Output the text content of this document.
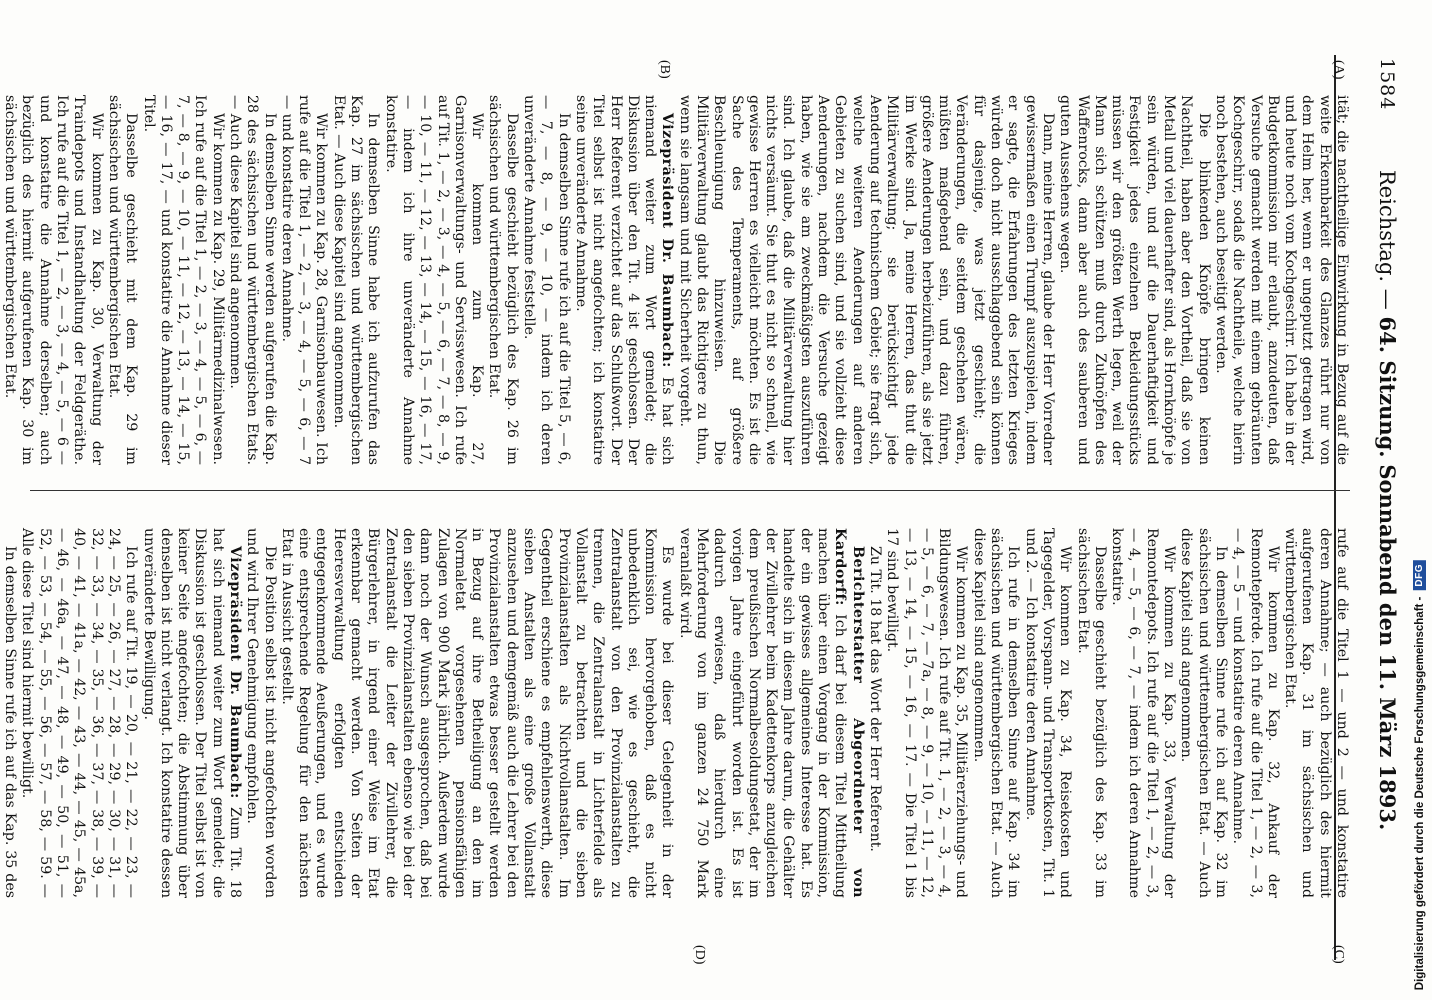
Digitalisierung gefördert durch die Deutsche Forschungsgemeinschaft -
DFG
1584
Reichstag. — 64. Sitzung. Sonnabend den 11. März 1893.
(A)
(B)
(C)
(D)

ität; die nachtheilige Einwirkung in Bezug auf die weite Erkennbarkeit des Glanzes rührt nur von dem Helm her, wenn er ungeputzt getragen wird, und heute noch vom Kochgeschirr. Ich habe in der Budgetkommission mir erlaubt, anzudeuten, daß Versuche gemacht werden mit einem gebräunten Kochgeschirr, sodaß die Nachtheile, welche hierin noch bestehen, auch beseitigt werden.

Die blinkenden Knöpfe bringen keinen Nachtheil, haben aber den Vortheil, daß sie von Metall und viel dauerhafter sind, als Hornknöpfe je sein würden, und auf die Dauerhaftigkeit und Festigkeit jedes einzelnen Bekleidungsstücks müssen wir den größten Werth legen, weil der Mann sich schützen muß durch Zuknöpfen des Waffenrocks, dann aber auch des sauberen und guten Aussehens wegen.

Dann, meine Herren, glaube der Herr Vorredner gewissermaßen einen Trumpf auszuspielen, indem er sagte, die Erfahrungen des letzten Krieges würden doch nicht ausschlaggebend sein können für dasjenige, was jetzt geschieht; die Veränderungen, die seitdem geschehen wären, müßten maßgebend sein, und dazu führen, größere Aenderungen herbeizuführen, als sie jetzt im Werke sind. Ja, meine Herren, das thut die Militärverwaltung; sie berücksichtigt jede Aenderung auf technischem Gebiet; sie fragt sich, welche weiteren Aenderungen auf anderen Gebieten zu suchen sind, und sie vollzieht diese Aenderungen, nachdem die Versuche gezeigt haben, wie sie am zweckmäßigsten auszuführen sind. Ich glaube, daß die Militärverwaltung hier nichts versäumt. Sie thut es nicht so schnell, wie gewisse Herren es vielleicht möchten. Es ist die Sache des Temperaments, auf größere Beschleunigung hinzuweisen. Die Militärverwaltung glaubt das Richtigere zu thun, wenn sie langsam und mit Sicherheit vorgeht.

Vizepräsident Dr. Baumbach: Es hat sich niemand weiter zum Wort gemeldet; die Diskussion über den Tit. 4 ist geschlossen. Der Herr Referent verzichtet auf das Schlußwort. Der Titel selbst ist nicht angefochten; ich konstatire seine unveränderte Annahme.

In demselben Sinne rufe ich auf die Titel 5, — 6, — 7, — 8, — 9, — 10, — indem ich deren unveränderte Annahme feststelle.

Dasselbe geschieht bezüglich des Kap. 26 im sächsischen und württembergischen Etat.

Wir kommen zum Kap. 27, Garnisonverwaltungs- und Servisswesen. Ich rufe auf Tit. 1, — 2, — 3, — 4, — 5, — 6, — 7, — 8, — 9, — 10, — 11, — 12, — 13, — 14, — 15, — 16, — 17, — indem ich ihre unveränderte Annahme konstatire.

In demselben Sinne habe ich aufzurufen das Kap. 27 im sächsischen und württembergischen Etat. — Auch diese Kapitel sind angenommen.

Wir kommen zu Kap. 28, Garnisonbauwesen. Ich rufe auf die Titel 1, — 2, — 3, — 4, — 5, — 6, — 7 — und konstatire deren Annahme.

In demselben Sinne werden aufgerufen die Kap. 28 des sächsischen und württembergischen Etats. — Auch diese Kapitel sind angenommen.

Wir kommen zu Kap. 29, Militärmedizinalwesen. Ich rufe auf die Titel 1, — 2, — 3, — 4, — 5, — 6, — 7, — 8, — 9, — 10, — 11, — 12, — 13, — 14, — 15, — 16, — 17, — und konstatire die Annahme dieser Titel.

Dasselbe geschieht mit dem Kap. 29 im sächsischen und württembergischen Etat.

Wir kommen zu Kap. 30, Verwaltung der Traindepots und Instandhaltung der Feldgeräthe. Ich rufe auf die Titel 1, — 2, — 3, — 4, — 5, — 6 — und konstatire die Annahme derselben; auch bezüglich des hiermit aufgerufenen Kap. 30 im sächsischen und württembergischen Etat.

rufe auf die Titel 1 — und 2 — und konstatire deren Annahme; — auch bezüglich des hiermit aufgerufenen Kap. 31 im sächsischen und württembergischen Etat.

Wir kommen zu Kap. 32, Ankauf der Remontepferde. Ich rufe auf die Titel 1, — 2, — 3, — 4, — 5 — und konstatire deren Annahme.

In demselben Sinne rufe ich auf Kap. 32 im sächsischen und württembergischen Etat. — Auch diese Kapitel sind angenommen.

Wir kommen zu Kap. 33, Verwaltung der Remontedepots. Ich rufe auf die Titel 1, — 2, — 3, — 4, — 5, — 6, — 7, — indem ich deren Annahme konstatire.

Dasselbe geschieht bezüglich des Kap. 33 im sächsischen Etat.

Wir kommen zu Kap. 34, Reisekosten und Tagegelder, Vorspann- und Transportkosten, Tit. 1 und 2. — Ich konstatire deren Annahme.

Ich rufe in demselben Sinne auf Kap. 34 im sächsischen und württembergischen Etat. — Auch diese Kapitel sind angenommen.

Wir kommen zu Kap. 35, Militärerziehungs- und Bildungswesen. Ich rufe auf Tit. 1, — 2, — 3, — 4, — 5, — 6, — 7, — 7a, — 8, — 9, — 10, — 11, — 12, — 13, — 14, — 15, — 16, — 17. — Die Titel 1 bis 17 sind bewilligt.

Zu Tit. 18 hat das Wort der Herr Referent.

Berichterstatter Abgeordneter von Kardorff: Ich darf bei diesem Titel Mittheilung machen über einen Vorgang in der Kommission, der ein gewisses allgemeines Interesse hat. Es handelte sich in diesem Jahre darum, die Gehälter der Zivillehrer beim Kadettenkorps anzugleichen dem preußischen Normalbesoldungsetat, der im vorigen Jahre eingeführt worden ist. Es ist dadurch erwiesen, daß hierdurch eine Mehrforderung von im ganzen 24 750 Mark veranlaßt wird.

Es wurde bei dieser Gelegenheit in der Kommission hervorgehoben, daß es nicht unbedenklich sei, wie es geschieht, die Zentralanstalt von den Provinzialanstalten zu trennen, die Zentralanstalt in Lichterfelde als Vollanstalt zu betrachten und die sieben Provinzialanstalten als Nichtvollanstalten. Im Gegentheil erschiene es empfehlenswerth, diese sieben Anstalten als eine große Vollanstalt anzusehen und demgemäß auch die Lehrer bei den Provinzialanstalten etwas besser gestellt werden in Bezug auf ihre Betheiligung an den im Normaletat vorgesehenen pensionsfähigen Zulagen von 900 Mark jährlich. Außerdem wurde dann noch der Wunsch ausgesprochen, daß bei den sieben Provinzialanstalten ebenso wie bei der Zentralanstalt die Leiter der Zivillehrer, die Bürgerlehrer, in irgend einer Weise im Etat erkennbar gemacht werden. Von Seiten der Heeresverwaltung erfolgten entschieden entgegenkommende Aeußerungen, und es wurde eine entsprechende Regelung für den nächsten Etat in Aussicht gestellt.

Die Position selbst ist nicht angefochten worden und wird Ihrer Genehmigung empfohlen.

Vizepräsident Dr. Baumbach: Zum Tit. 18 hat sich niemand weiter zum Wort gemeldet; die Diskussion ist geschlossen. Der Titel selbst ist von keiner Seite angefochten; die Abstimmung über denselben ist nicht verlangt. Ich konstatire dessen unveränderte Bewilligung.

Ich rufe auf Tit. 19, — 20, — 21, — 22, — 23, — 24, — 25, — 26, — 27, — 28, — 29, — 30, — 31, — 32, — 33, — 34, — 35, — 36, — 37, — 38, — 39, — 40, — 41, — 41a, — 42, — 43, — 44, — 45, — 45a, — 46, — 46a, — 47, — 48, — 49, — 50, — 51, — 52, — 53, — 54, — 55, — 56, — 57, — 58, — 59. — Alle diese Titel sind hiermit bewilligt.

In demselben Sinne rufe ich auf das Kap. 35 des
